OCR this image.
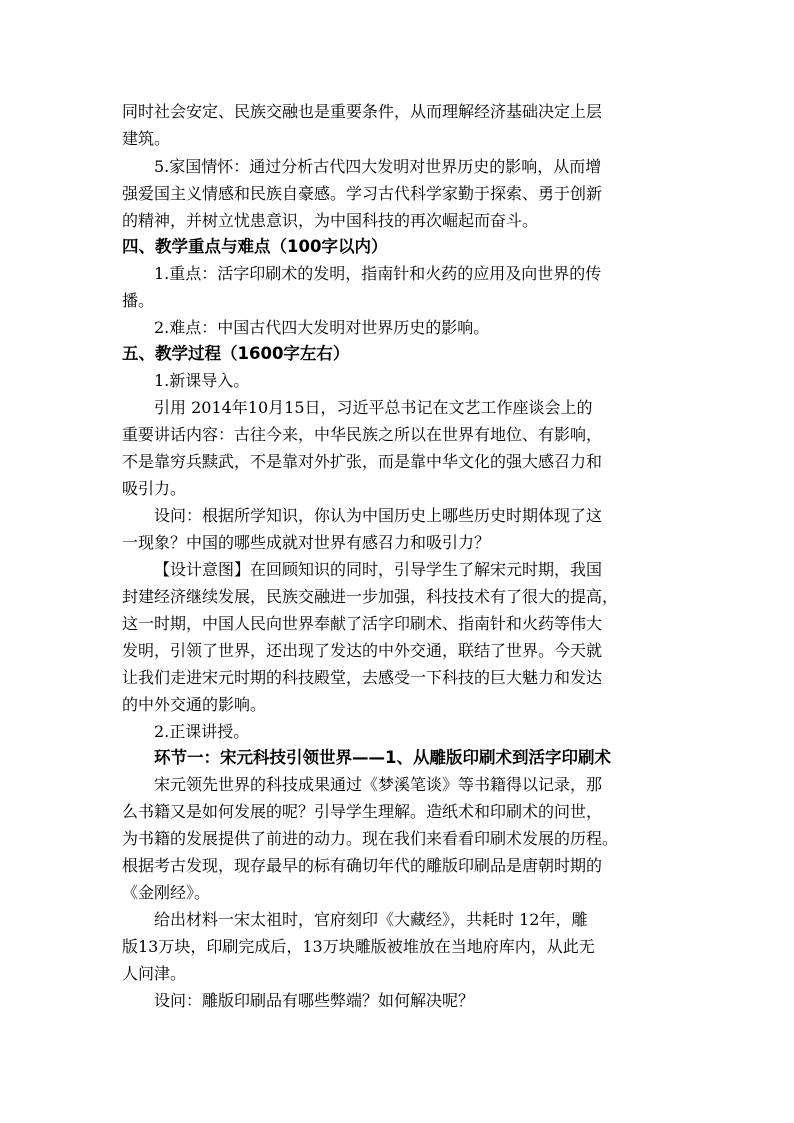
同时社会安定、民族交融也是重要条件，从而理解经济基础决定上层
建筑。
5.家国情怀：通过分析古代四大发明对世界历史的影响，从而增
强爱国主义情感和民族自豪感。学习古代科学家勤于探索、勇于创新
的精神，并树立忧患意识，为中国科技的再次崛起而奋斗。
四、教学重点与难点（100字以内）
1.重点：活字印刷术的发明，指南针和火药的应用及向世界的传
播。
2.难点：中国古代四大发明对世界历史的影响。
五、教学过程（1600字左右）
1.新课导入。
引用 2014年10月15日，习近平总书记在文艺工作座谈会上的
重要讲话内容：古往今来，中华民族之所以在世界有地位、有影响，
不是靠穷兵黩武，不是靠对外扩张，而是靠中华文化的强大感召力和
吸引力。
设问：根据所学知识，你认为中国历史上哪些历史时期体现了这
一现象？中国的哪些成就对世界有感召力和吸引力？
【设计意图】在回顾知识的同时，引导学生了解宋元时期，我国
封建经济继续发展，民族交融进一步加强，科技技术有了很大的提高，
这一时期，中国人民向世界奉献了活字印刷术、指南针和火药等伟大
发明，引领了世界，还出现了发达的中外交通，联结了世界。今天就
让我们走进宋元时期的科技殿堂，去感受一下科技的巨大魅力和发达
的中外交通的影响。
2.正课讲授。
环节一：宋元科技引领世界——1、从雕版印刷术到活字印刷术
宋元领先世界的科技成果通过《梦溪笔谈》等书籍得以记录，那
么书籍又是如何发展的呢？引导学生理解。造纸术和印刷术的问世，
为书籍的发展提供了前进的动力。现在我们来看看印刷术发展的历程。
根据考古发现，现存最早的标有确切年代的雕版印刷品是唐朝时期的
《金刚经》。
给出材料一宋太祖时，官府刻印《大藏经》，共耗时 12年，雕
版13万块，印刷完成后，13万块雕版被堆放在当地府库内，从此无
人问津。
设问：雕版印刷品有哪些弊端？如何解决呢？
